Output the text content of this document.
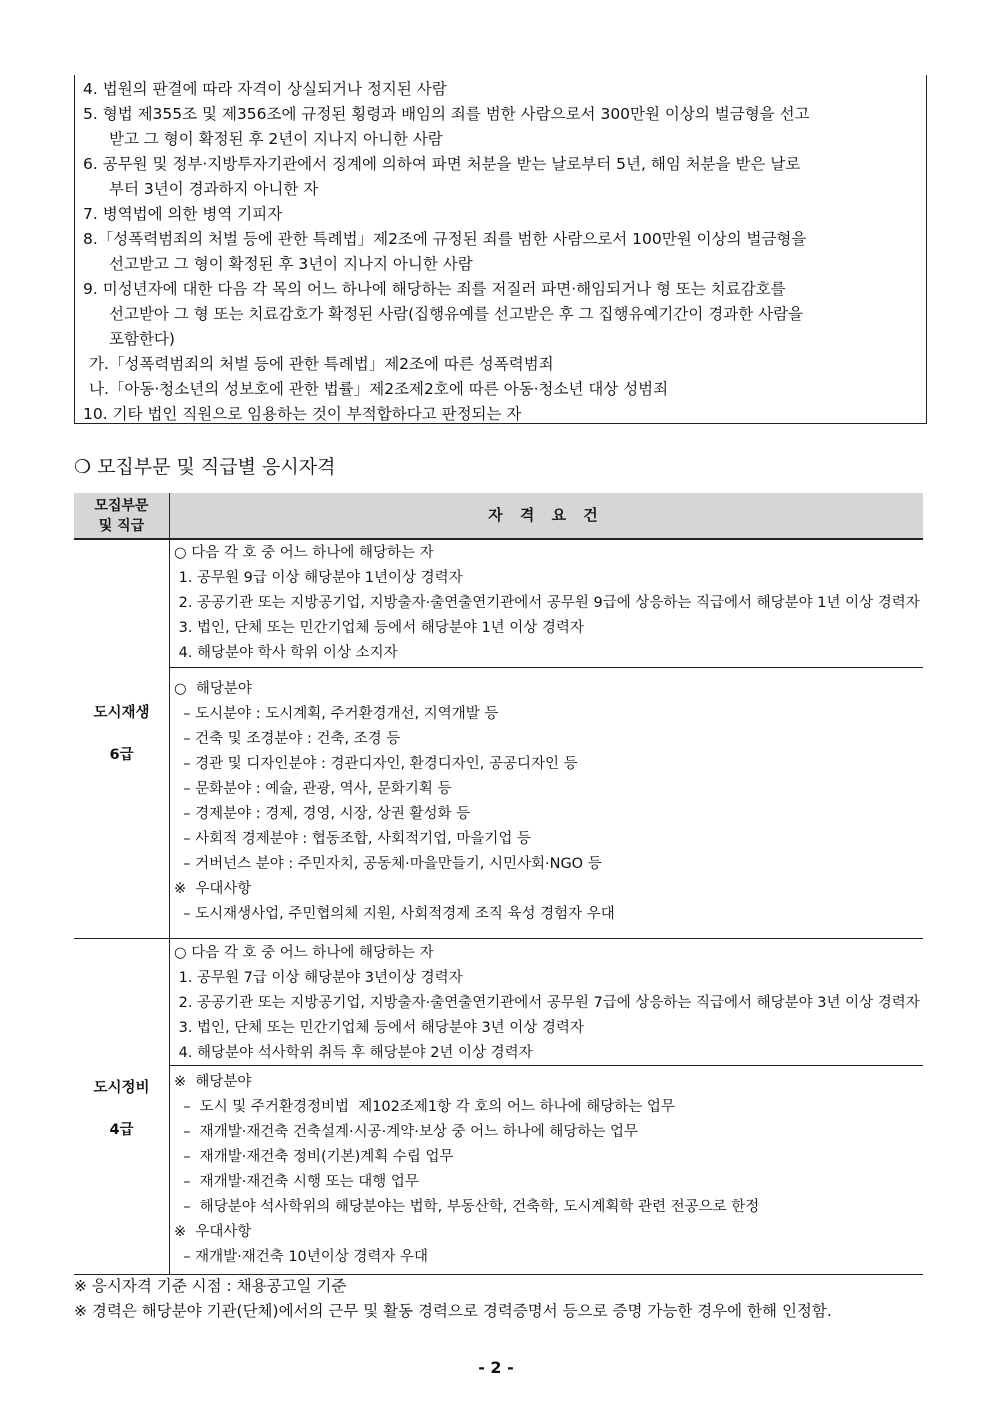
4. 법원의 판결에 따라 자격이 상실되거나 정지된 사람
5. 형법 제355조 및 제356조에 규정된 횡령과 배임의 죄를 범한 사람으로서 300만원 이상의 벌금형을 선고
받고 그 형이 확정된 후 2년이 지나지 아니한 사람
6. 공무원 및 정부·지방투자기관에서 징계에 의하여 파면 처분을 받는 날로부터 5년, 해임 처분을 받은 날로
부터 3년이 경과하지 아니한 자
7. 병역법에 의한 병역 기피자
8.「성폭력범죄의 처벌 등에 관한 특례법」제2조에 규정된 죄를 범한 사람으로서 100만원 이상의 벌금형을
선고받고 그 형이 확정된 후 3년이 지나지 아니한 사람
9. 미성년자에 대한 다음 각 목의 어느 하나에 해당하는 죄를 저질러 파면·해임되거나 형 또는 치료감호를
선고받아 그 형 또는 치료감호가 확정된 사람(집행유예를 선고받은 후 그 집행유예기간이 경과한 사람을
포함한다)
가.「성폭력범죄의 처벌 등에 관한 특례법」제2조에 따른 성폭력범죄
나.「아동·청소년의 성보호에 관한 법률」제2조제2호에 따른 아동·청소년 대상 성범죄
10. 기타 법인 직원으로 임용하는 것이 부적합하다고 판정되는 자
❍ 모집부문 및 직급별 응시자격
모집부문
및 직급
자 격 요 건
도시재생
6급
○ 다음 각 호 중 어느 하나에 해당하는 자
1. 공무원 9급 이상 해당분야 1년이상 경력자
2. 공공기관 또는 지방공기업, 지방출자·출연출연기관에서 공무원 9급에 상응하는 직급에서 해당분야 1년 이상 경력자
3. 법인, 단체 또는 민간기업체 등에서 해당분야 1년 이상 경력자
4. 해당분야 학사 학위 이상 소지자
○  해당분야
– 도시분야 : 도시계획, 주거환경개선, 지역개발 등
– 건축 및 조경분야 : 건축, 조경 등
– 경관 및 디자인분야 : 경관디자인, 환경디자인, 공공디자인 등
– 문화분야 : 예술, 관광, 역사, 문화기획 등
– 경제분야 : 경제, 경영, 시장, 상권 활성화 등
– 사회적 경제분야 : 협동조합, 사회적기업, 마을기업 등
– 거버넌스 분야 : 주민자치, 공동체·마을만들기, 시민사회·NGO 등
※  우대사항
– 도시재생사업, 주민협의체 지원, 사회적경제 조직 육성 경험자 우대
도시정비
4급
○ 다음 각 호 중 어느 하나에 해당하는 자
1. 공무원 7급 이상 해당분야 3년이상 경력자
2. 공공기관 또는 지방공기업, 지방출자·출연출연기관에서 공무원 7급에 상응하는 직급에서 해당분야 3년 이상 경력자
3. 법인, 단체 또는 민간기업체 등에서 해당분야 3년 이상 경력자
4. 해당분야 석사학위 취득 후 해당분야 2년 이상 경력자
※  해당분야
–  도시 및 주거환경정비법  제102조제1항 각 호의 어느 하나에 해당하는 업무
–  재개발·재건축 건축설계·시공·계약·보상 중 어느 하나에 해당하는 업무
–  재개발·재건축 정비(기본)계획 수립 업무
–  재개발·재건축 시행 또는 대행 업무
–  해당분야 석사학위의 해당분야는 법학, 부동산학, 건축학, 도시계획학 관련 전공으로 한정
※  우대사항
– 재개발·재건축 10년이상 경력자 우대
※ 응시자격 기준 시점 : 채용공고일 기준
※ 경력은 해당분야 기관(단체)에서의 근무 및 활동 경력으로 경력증명서 등으로 증명 가능한 경우에 한해 인정함.
- 2 -
